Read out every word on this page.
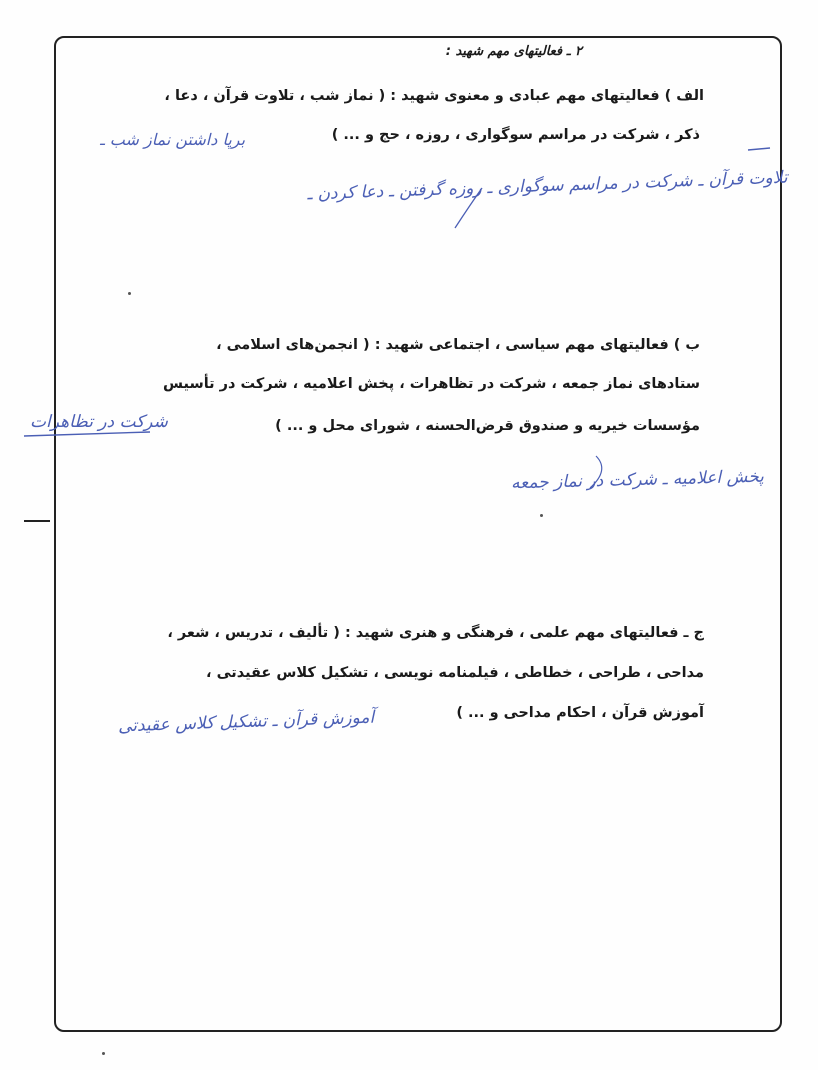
۲ ـ فعالیتهای مهم شهید :
الف ) فعالیتهای مهم عبادی و معنوی شهید : ( نماز شب ، تلاوت قرآن ، دعا ،
ذکر ، شرکت در مراسم سوگواری ، روزه ، حج و ... )
برپا داشتن نماز شب ـ
تلاوت قرآن ـ شرکت در مراسم سوگواری ـ روزه گرفتن ـ دعا کردن ـ
ب ) فعالیتهای مهم سیاسی ، اجتماعی شهید : ( انجمن‌های اسلامی ،
ستادهای نماز جمعه ، شرکت در تظاهرات ، پخش اعلامیه ، شرکت در تأسیس
مؤسسات خیریه و صندوق قرض‌الحسنه ، شورای محل و ... )
شرکت در تظاهرات
پخش اعلامیه ـ شرکت در نماز جمعه
ج ـ فعالیتهای مهم علمی ، فرهنگی و هنری شهید : ( تألیف ، تدریس ، شعر ،
مداحی ، طراحی ، خطاطی ، فیلمنامه نویسی ، تشکیل کلاس عقیدتی ،
آموزش قرآن ، احکام مداحی و ... )
آموزش قرآن ـ تشکیل کلاس عقیدتی
